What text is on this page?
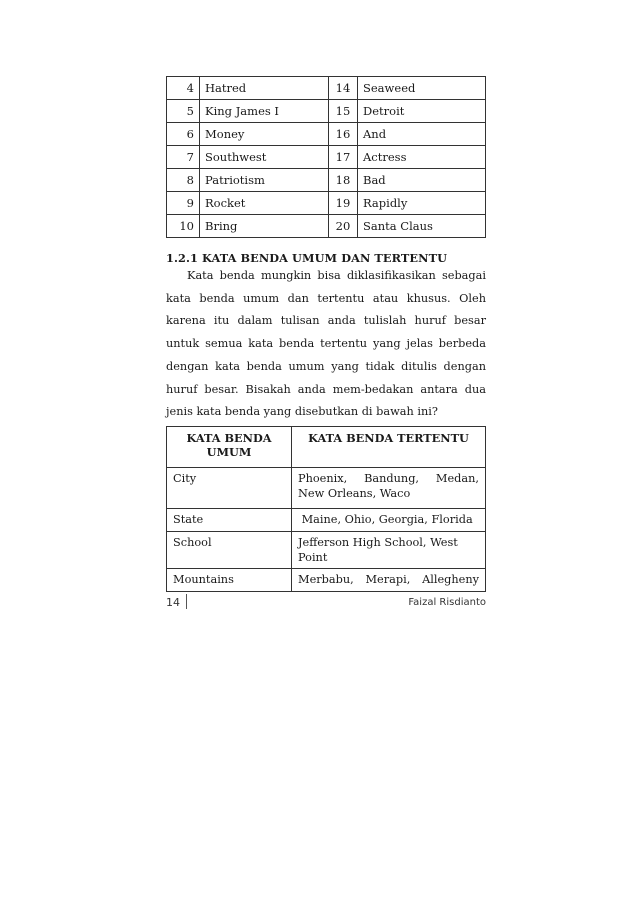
4	Hatred	14	Seaweed
5	King James I	15	Detroit
6	Money	16	And
7	Southwest	17	Actress
8	Patriotism	18	Bad
9	Rocket	19	Rapidly
10	Bring	20	Santa Claus
1.2.1 KATA BENDA UMUM DAN TERTENTU

Kata benda mungkin bisa diklasifikasikan sebagai kata benda umum dan tertentu atau khusus. Oleh karena itu dalam tulisan anda tulislah huruf besar untuk semua kata benda tertentu yang jelas berbeda dengan kata benda umum yang tidak ditulis dengan huruf besar. Bisakah anda mem-bedakan antara dua jenis kata benda yang disebutkan di bawah ini?

KATA BENDA UMUM	KATA BENDA TERTENTU
City	Phoenix, Bandung, Medan, New Orleans, Waco
State	Maine, Ohio, Georgia, Florida
School	Jefferson High School, West Point
Mountains	Merbabu, Merapi, Allegheny
14	Faizal Risdianto
